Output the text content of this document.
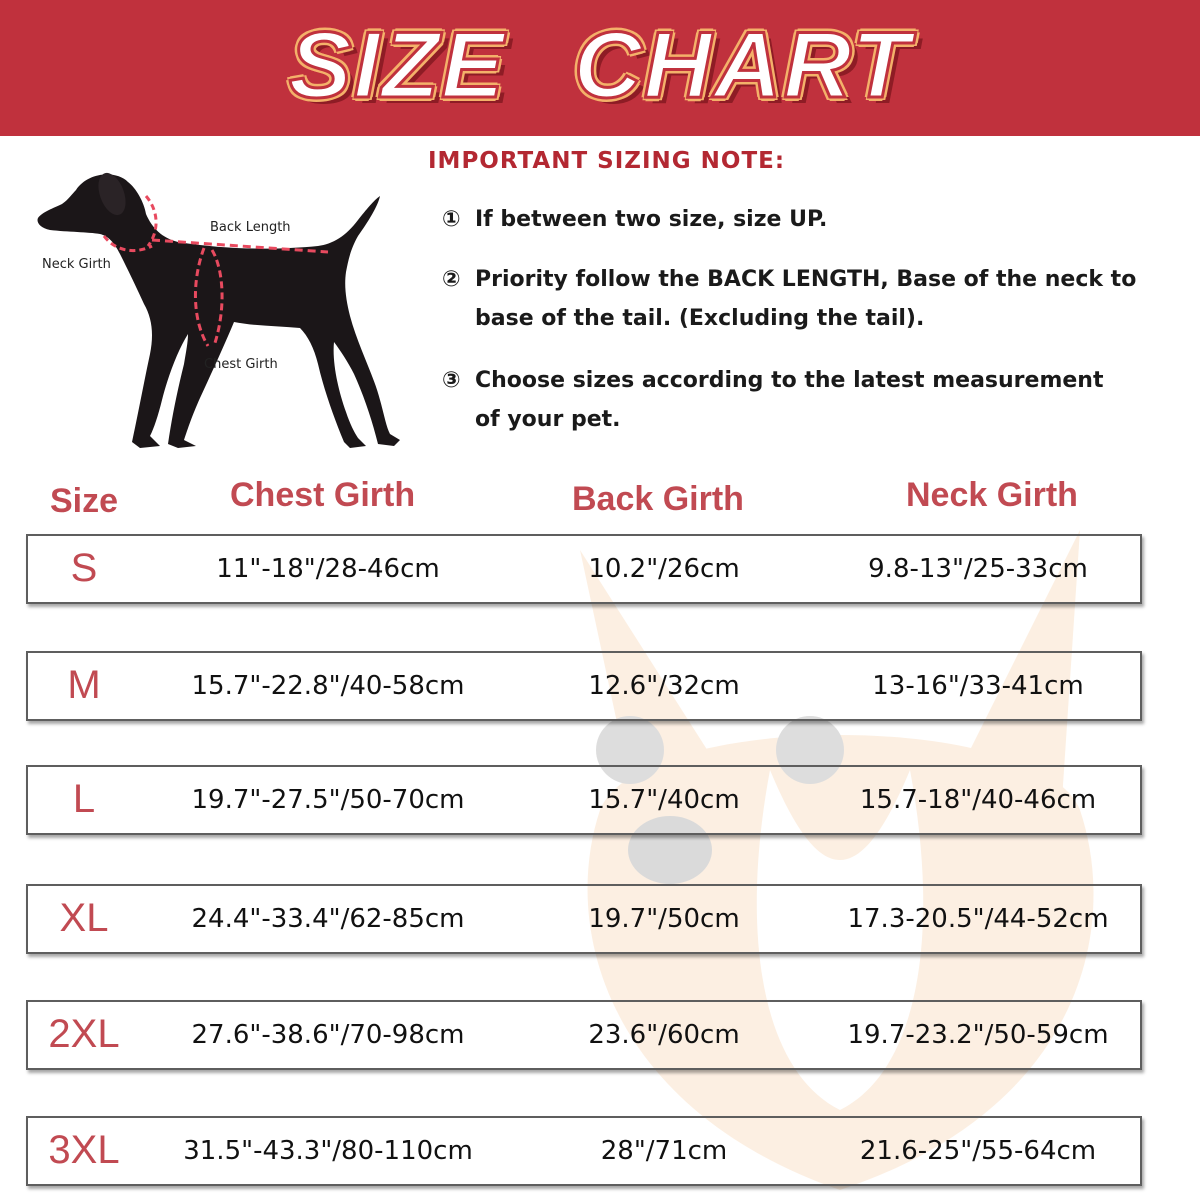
SIZE CHART
Back Length
Neck Girth
Chest Girth
IMPORTANT SIZING NOTE:
① If between two size, size UP.
② Priority follow the BACK LENGTH, Base of the neck to base of the tail. (Excluding the tail).
③ Choose sizes according to the latest measurement of your pet.
Size	Chest Girth	Back Girth	Neck Girth
S	11"-18"/28-46cm	10.2"/26cm	9.8-13"/25-33cm
M	15.7"-22.8"/40-58cm	12.6"/32cm	13-16"/33-41cm
L	19.7"-27.5"/50-70cm	15.7"/40cm	15.7-18"/40-46cm
XL	24.4"-33.4"/62-85cm	19.7"/50cm	17.3-20.5"/44-52cm
2XL	27.6"-38.6"/70-98cm	23.6"/60cm	19.7-23.2"/50-59cm
3XL	31.5"-43.3"/80-110cm	28"/71cm	21.6-25"/55-64cm
